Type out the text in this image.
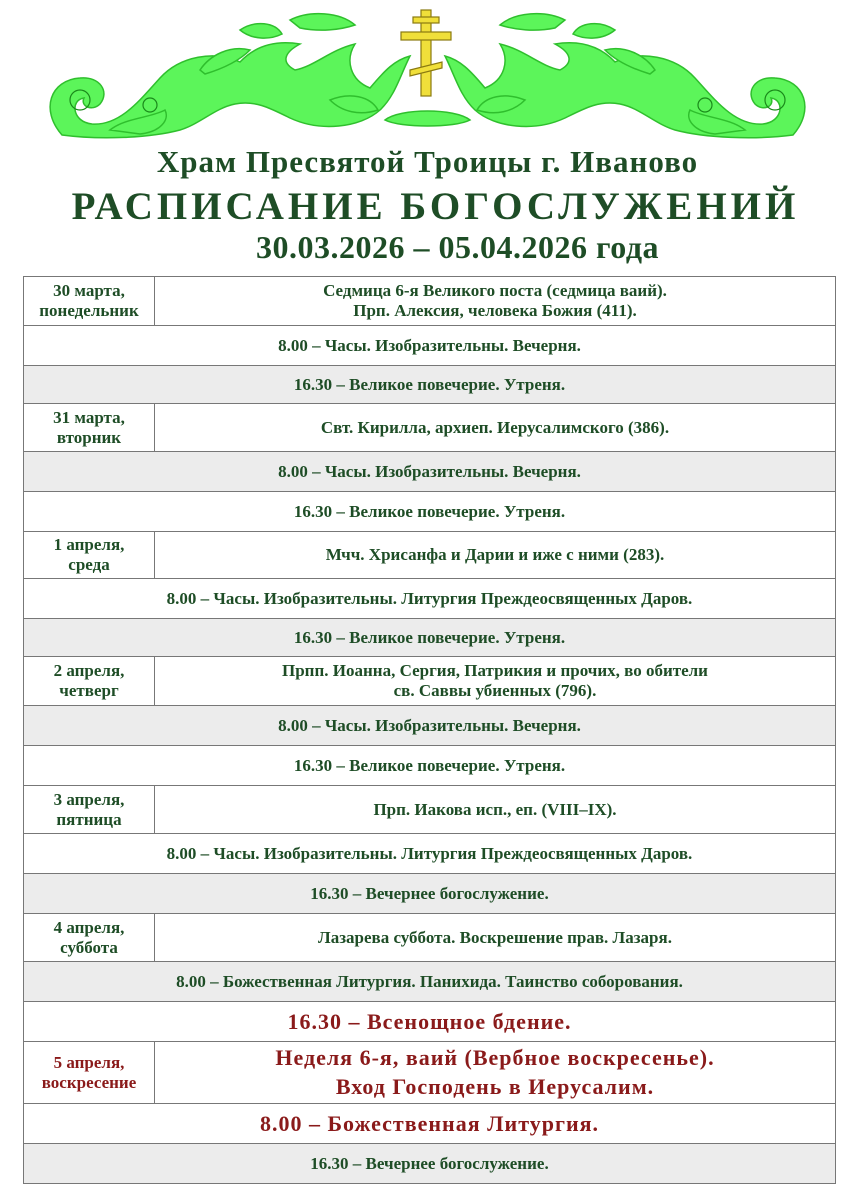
Храм Пресвятой Троицы г. Иваново
РАСПИСАНИЕ БОГОСЛУЖЕНИЙ
30.03.2026 – 05.04.2026 года
30 марта,
понедельник	Седмица 6-я Великого поста (седмица ваий).
Прп. Алексия, человека Божия (411).
8.00 – Часы. Изобразительны. Вечерня.	
16.30 – Великое повечерие. Утреня.	
31 марта,
вторник	Свт. Кирилла, архиеп. Иерусалимского (386).
8.00 – Часы. Изобразительны. Вечерня.	
16.30 – Великое повечерие. Утреня.	
1 апреля,
среда	Мчч. Хрисанфа и Дарии и иже с ними (283).
8.00 – Часы. Изобразительны. Литургия Преждеосвященных Даров.	
16.30 – Великое повечерие. Утреня.	
2 апреля,
четверг	Прпп. Иоанна, Сергия, Патрикия и прочих, во обители
св. Саввы убиенных (796).
8.00 – Часы. Изобразительны. Вечерня.	
16.30 – Великое повечерие. Утреня.	
3 апреля,
пятница	Прп. Иакова исп., еп. (VIII–IX).
8.00 – Часы. Изобразительны. Литургия Преждеосвященных Даров.	
16.30 – Вечернее богослужение.	
4 апреля,
суббота	Лазарева суббота. Воскрешение прав. Лазаря.
8.00 – Божественная Литургия. Панихида. Таинство соборования.	
16.30 – Всенощное бдение.	
5 апреля,
воскресение	Неделя 6-я, ваий (Вербное воскресенье).
Вход Господень в Иерусалим.
8.00 – Божественная Литургия.	
16.30 – Вечернее богослужение.	
